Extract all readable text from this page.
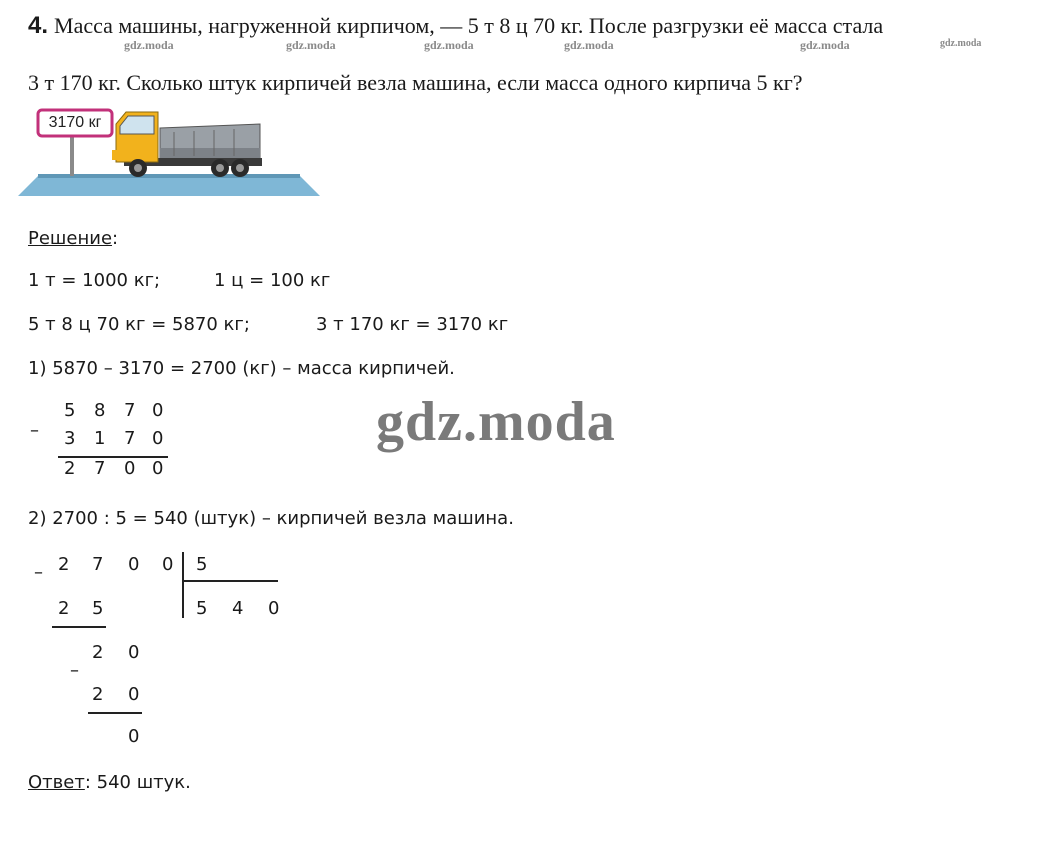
4. Масса машины, нагруженной кирпичом, — 5 т 8 ц 70 кг. После разгрузки её масса стала
3 т 170 кг. Сколько штук кирпичей везла машина, если масса одного кирпича 5 кг?
gdz.moda	gdz.moda	gdz.moda	gdz.moda	gdz.moda	gdz.moda
3170 кг
Решение:
1 т = 1000 кг;	1 ц = 100 кг
5 т 8 ц 70 кг = 5870 кг;	3 т 170 кг = 3170 кг
1) 5870 – 3170 = 2700 (кг) – масса кирпичей.
5 8 7 0
– 3 1 7 0
2 7 0 0
gdz.moda
2) 2700 : 5 = 540 (штук) – кирпичей везла машина.
– 2 7 0 0 5
5 4 0
2 5
–
2 0
2 0
0
Ответ: 540 штук.
